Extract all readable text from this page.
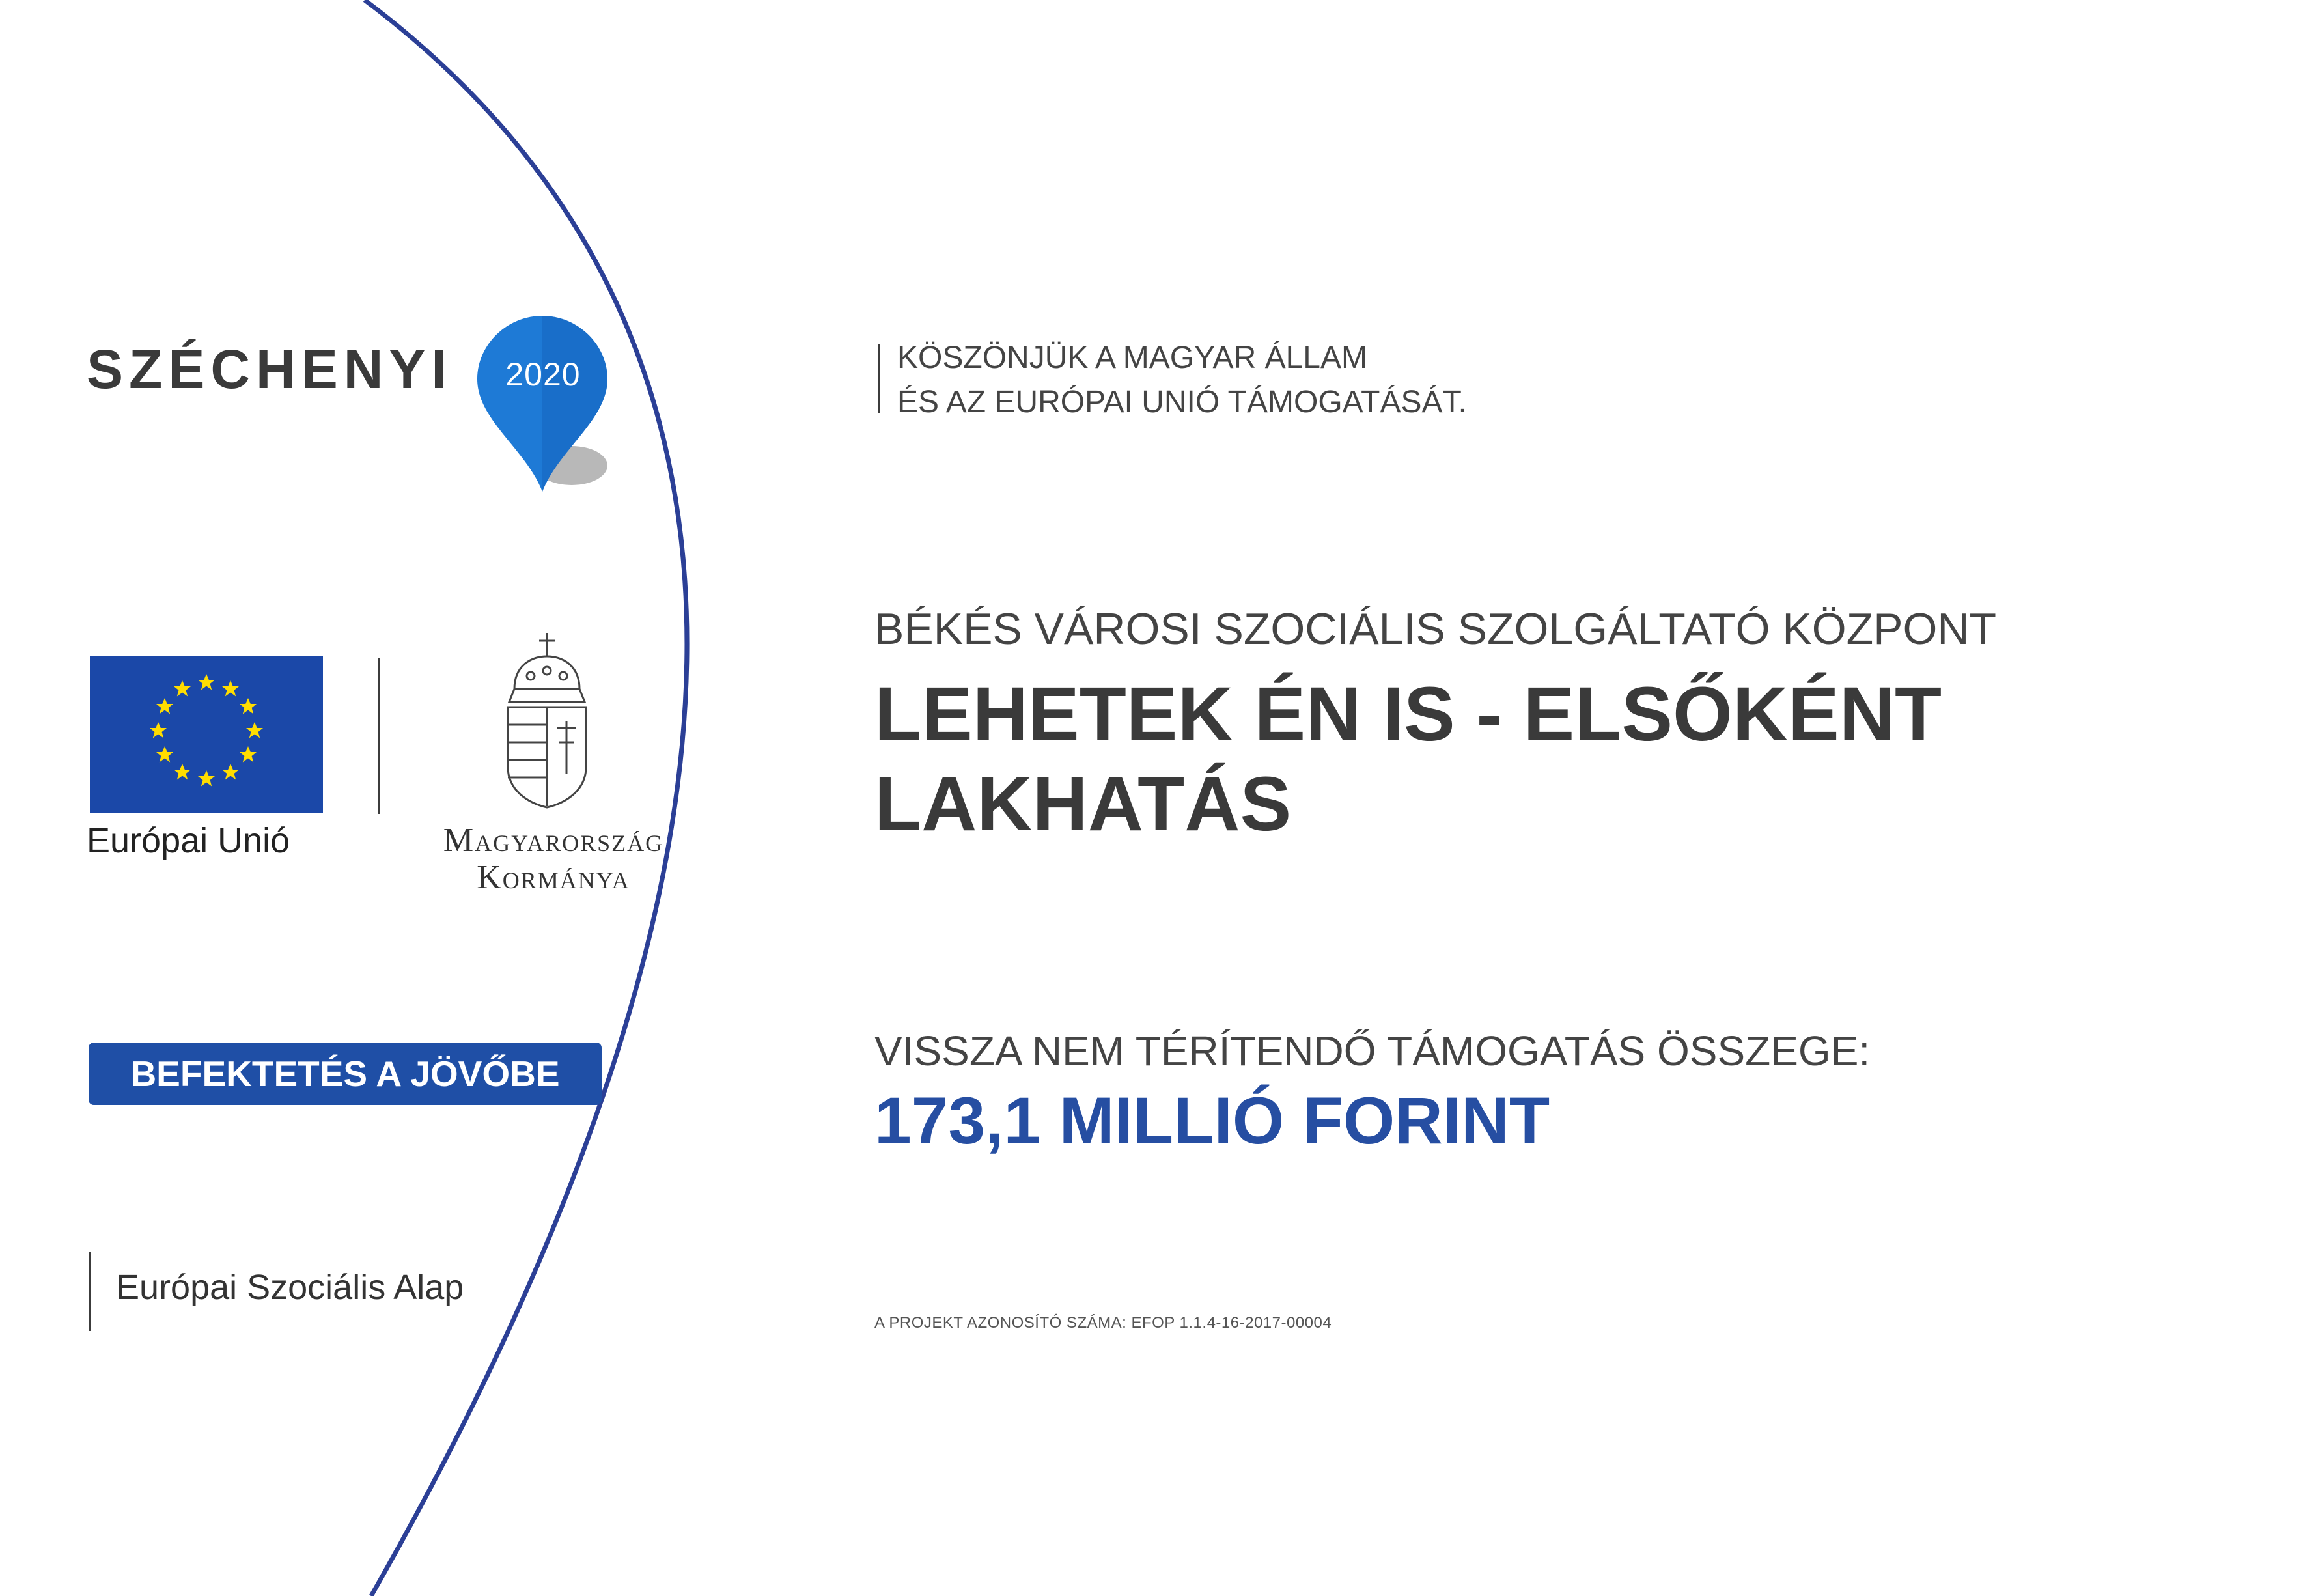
SZÉCHENYI	2020	KÖSZÖNJÜK A MAGYAR ÁLLAM
ÉS AZ EURÓPAI UNIÓ TÁMOGATÁSÁT.
Európai Unió	Magyarország
Kormánya
BEFEKTETÉS A JÖVŐBE
Európai Szociális Alap
BÉKÉS VÁROSI SZOCIÁLIS SZOLGÁLTATÓ KÖZPONT
LEHETEK ÉN IS - ELSŐKÉNT
LAKHATÁS
VISSZA NEM TÉRÍTENDŐ TÁMOGATÁS ÖSSZEGE:
173,1 MILLIÓ FORINT
A PROJEKT AZONOSÍTÓ SZÁMA: EFOP 1.1.4-16-2017-00004
